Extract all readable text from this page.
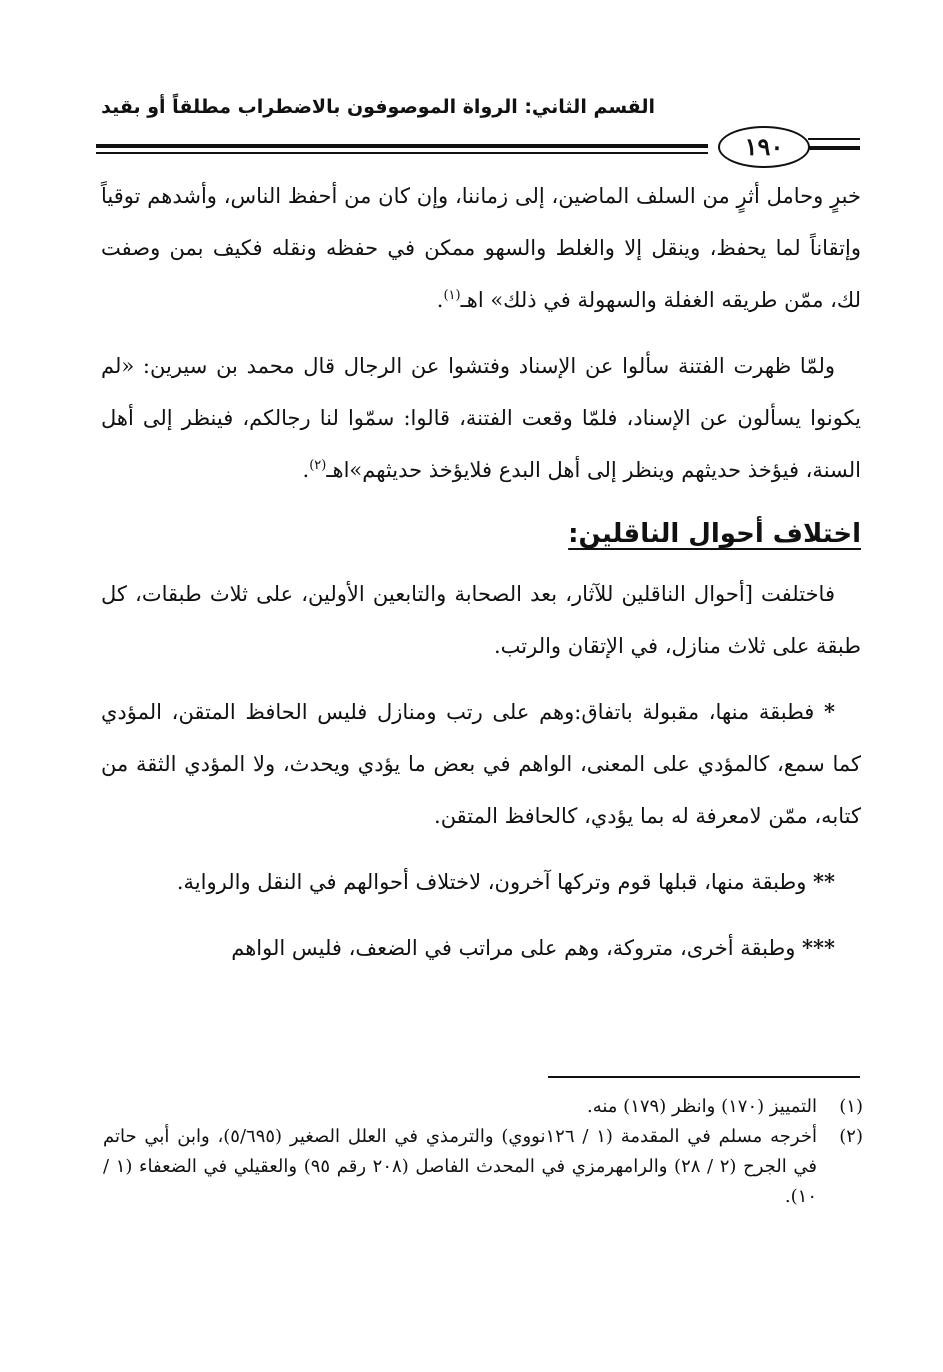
القسم الثاني: الرواة الموصوفون بالاضطراب مطلقاً أو بقيد
١٩٠

خبرٍ وحامل أثرٍ من السلف الماضين، إلى زماننا، وإن كان من أحفظ الناس، وأشدهم توقياً وإتقاناً لما يحفظ، وينقل إلا والغلط والسهو ممكن في حفظه ونقله فكيف بمن وصفت لك، ممّن طريقه الغفلة والسهولة في ذلك» اهـ$^{(١)}$.

ولمّا ظهرت الفتنة سألوا عن الإسناد وفتشوا عن الرجال قال محمد بن سيرين: «لم يكونوا يسألون عن الإسناد، فلمّا وقعت الفتنة، قالوا: سمّوا لنا رجالكم، فينظر إلى أهل السنة، فيؤخذ حديثهم وينظر إلى أهل البدع فلايؤخذ حديثهم»اهـ$^{(٢)}$.

اختلاف أحوال الناقلين:

فاختلفت [أحوال الناقلين للآثار، بعد الصحابة والتابعين الأولين، على ثلاث طبقات، كل طبقة على ثلاث منازل، في الإتقان والرتب.

* فطبقة منها، مقبولة باتفاق:وهم على رتب ومنازل فليس الحافظ المتقن، المؤدي كما سمع، كالمؤدي على المعنى، الواهم في بعض ما يؤدي ويحدث، ولا المؤدي الثقة من كتابه، ممّن لامعرفة له بما يؤدي، كالحافظ المتقن.

** وطبقة منها، قبلها قوم وتركها آخرون، لاختلاف أحوالهم في النقل والرواية.

*** وطبقة أخرى، متروكة، وهم على مراتب في الضعف، فليس الواهم

(١)
التمييز (١٧٠) وانظر (١٧٩) منه.
(٢)
أخرجه مسلم في المقدمة (١ / ١٢٦نووي) والترمذي في العلل الصغير (٥/٦٩٥)، وابن أبي حاتم في الجرح (٢ / ٢٨) والرامهرمزي في المحدث الفاصل (٢٠٨ رقم ٩٥) والعقيلي في الضعفاء (١ / ١٠).
